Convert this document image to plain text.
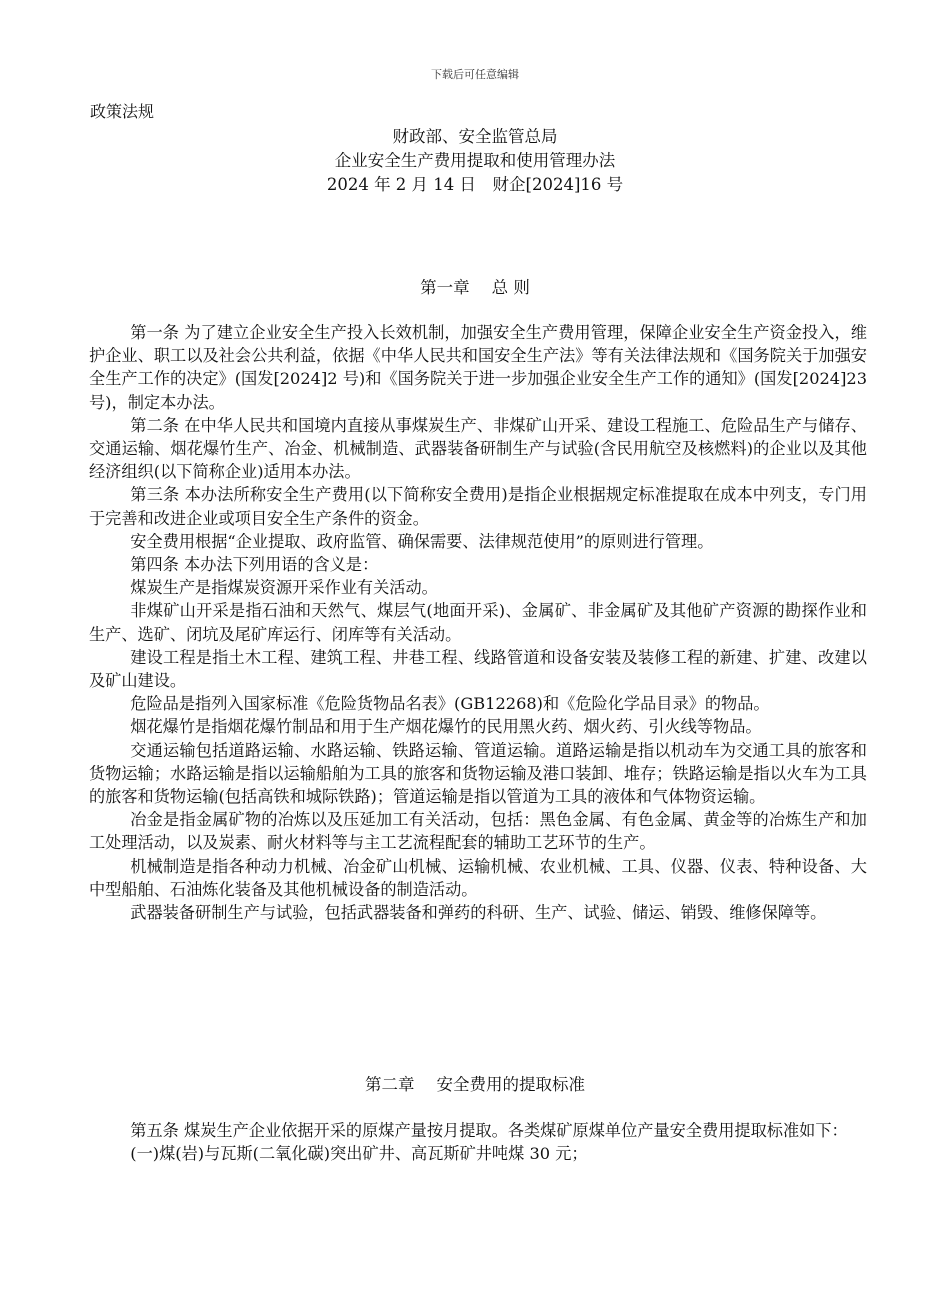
下载后可任意编辑
政策法规
财政部、安全监管总局
企业安全生产费用提取和使用管理办法
2024 年 2 月 14 日　财企[2024]16 号
第一章 总 则

第一条 为了建立企业安全生产投入长效机制，加强安全生产费用管理，保障企业安全生产资金投入，维护企业、职工以及社会公共利益，依据《中华人民共和国安全生产法》等有关法律法规和《国务院关于加强安全生产工作的决定》(国发[2024]2 号)和《国务院关于进一步加强企业安全生产工作的通知》(国发[2024]23 号)，制定本办法。

第二条 在中华人民共和国境内直接从事煤炭生产、非煤矿山开采、建设工程施工、危险品生产与储存、交通运输、烟花爆竹生产、冶金、机械制造、武器装备研制生产与试验(含民用航空及核燃料)的企业以及其他经济组织(以下简称企业)适用本办法。

第三条 本办法所称安全生产费用(以下简称安全费用)是指企业根据规定标准提取在成本中列支，专门用于完善和改进企业或项目安全生产条件的资金。

安全费用根据“企业提取、政府监管、确保需要、法律规范使用”的原则进行管理。

第四条 本办法下列用语的含义是：

煤炭生产是指煤炭资源开采作业有关活动。

非煤矿山开采是指石油和天然气、煤层气(地面开采)、金属矿、非金属矿及其他矿产资源的勘探作业和生产、选矿、闭坑及尾矿库运行、闭库等有关活动。

建设工程是指土木工程、建筑工程、井巷工程、线路管道和设备安装及装修工程的新建、扩建、改建以及矿山建设。

危险品是指列入国家标准《危险货物品名表》(GB12268)和《危险化学品目录》的物品。

烟花爆竹是指烟花爆竹制品和用于生产烟花爆竹的民用黑火药、烟火药、引火线等物品。

交通运输包括道路运输、水路运输、铁路运输、管道运输。道路运输是指以机动车为交通工具的旅客和货物运输；水路运输是指以运输船舶为工具的旅客和货物运输及港口装卸、堆存；铁路运输是指以火车为工具的旅客和货物运输(包括高铁和城际铁路)；管道运输是指以管道为工具的液体和气体物资运输。

冶金是指金属矿物的冶炼以及压延加工有关活动，包括：黑色金属、有色金属、黄金等的冶炼生产和加工处理活动，以及炭素、耐火材料等与主工艺流程配套的辅助工艺环节的生产。

机械制造是指各种动力机械、冶金矿山机械、运输机械、农业机械、工具、仪器、仪表、特种设备、大中型船舶、石油炼化装备及其他机械设备的制造活动。

武器装备研制生产与试验，包括武器装备和弹药的科研、生产、试验、储运、销毁、维修保障等。

第二章 安全费用的提取标准

第五条 煤炭生产企业依据开采的原煤产量按月提取。各类煤矿原煤单位产量安全费用提取标准如下：

(一)煤(岩)与瓦斯(二氧化碳)突出矿井、高瓦斯矿井吨煤 30 元；
